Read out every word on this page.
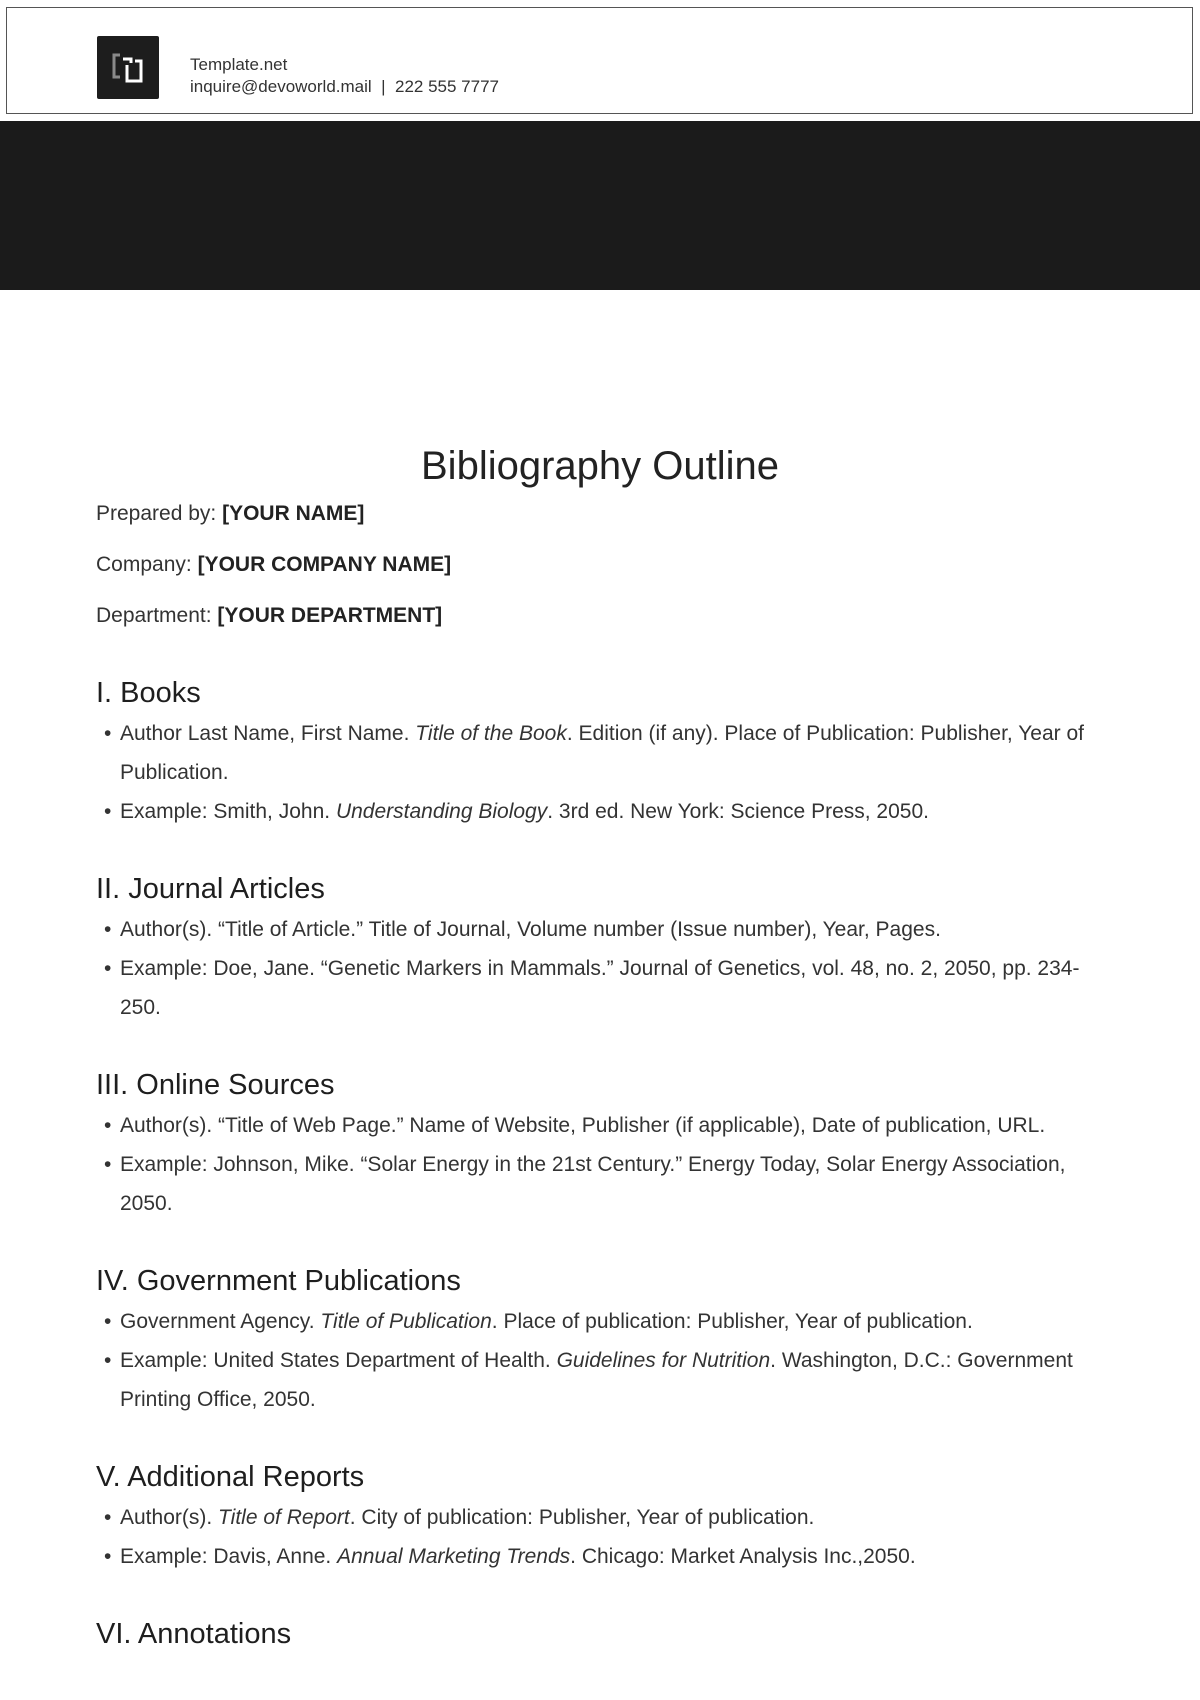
Template.net
inquire@devoworld.mail | 222 555 7777
Bibliography Outline
Prepared by: [YOUR NAME]
Company: [YOUR COMPANY NAME]
Department: [YOUR DEPARTMENT]
I. Books
• Author Last Name, First Name. Title of the Book. Edition (if any). Place of Publication: Publisher, Year of Publication.
• Example: Smith, John. Understanding Biology. 3rd ed. New York: Science Press, 2050.
II. Journal Articles
• Author(s). “Title of Article.” Title of Journal, Volume number (Issue number), Year, Pages.
• Example: Doe, Jane. “Genetic Markers in Mammals.” Journal of Genetics, vol. 48, no. 2, 2050, pp. 234-250.
III. Online Sources
• Author(s). “Title of Web Page.” Name of Website, Publisher (if applicable), Date of publication, URL.
• Example: Johnson, Mike. “Solar Energy in the 21st Century.” Energy Today, Solar Energy Association, 2050.
IV. Government Publications
• Government Agency. Title of Publication. Place of publication: Publisher, Year of publication.
• Example: United States Department of Health. Guidelines for Nutrition. Washington, D.C.: Government Printing Office, 2050.
V. Additional Reports
• Author(s). Title of Report. City of publication: Publisher, Year of publication.
• Example: Davis, Anne. Annual Marketing Trends. Chicago: Market Analysis Inc.,2050.
VI. Annotations
